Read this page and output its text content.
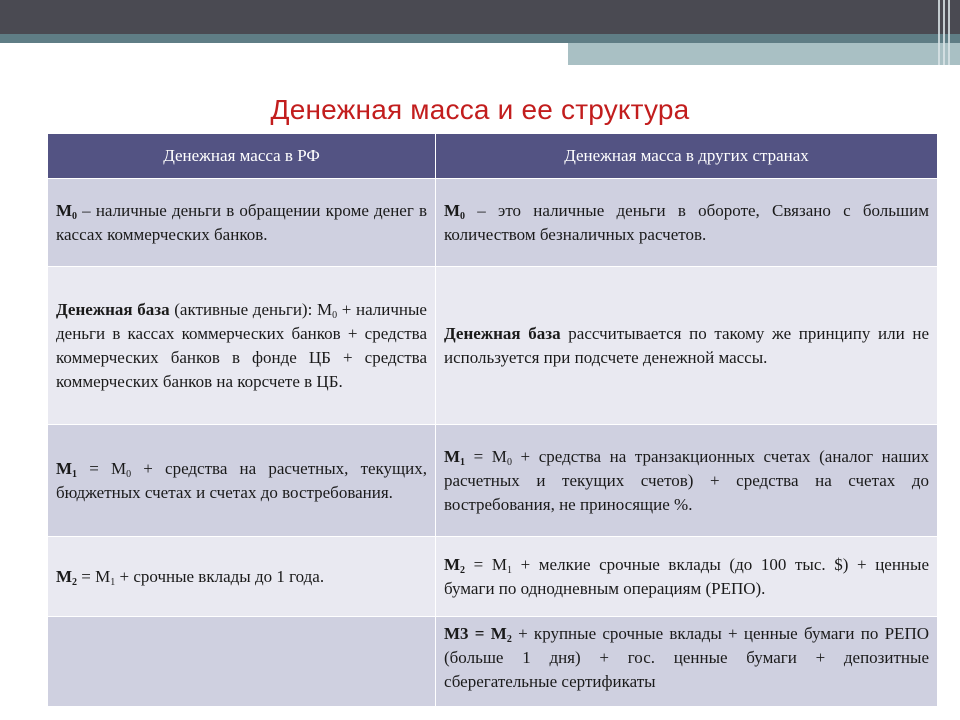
Денежная масса и ее структура
Денежная масса в РФ	Денежная масса в других странах
$M_0$ – наличные деньги в обращении кроме денег в кассах коммерческих банков.	$M_0$ – это наличные деньги в обороте, Связано с большим количеством безналичных расчетов.
Денежная база (активные деньги): $M_0$ + наличные деньги в кассах коммерческих банков + средства коммерческих банков в фонде ЦБ + средства коммерческих банков на корсчете в ЦБ.	Денежная база рассчитывается по такому же принципу или не используется при подсчете денежной массы.
$M_1 = M_0$ + средства на расчетных, текущих, бюджетных счетах и счетах до востребования.	$M_1 = M_0$ + средства на транзакционных счетах (аналог наших расчетных и текущих счетов) + средства на счетах до востребования, не приносящие %.
$M_2 = M_1$ + срочные вклады до 1 года.	$M_2 = M_1$ + мелкие срочные вклады (до 100 тыс. $) + ценные бумаги по однодневным операциям (РЕПО).
	$M3 = M_2$ + крупные срочные вклады + ценные бумаги по РЕПО (больше 1 дня) + гос. ценные бумаги + депозитные сберегательные сертификаты
